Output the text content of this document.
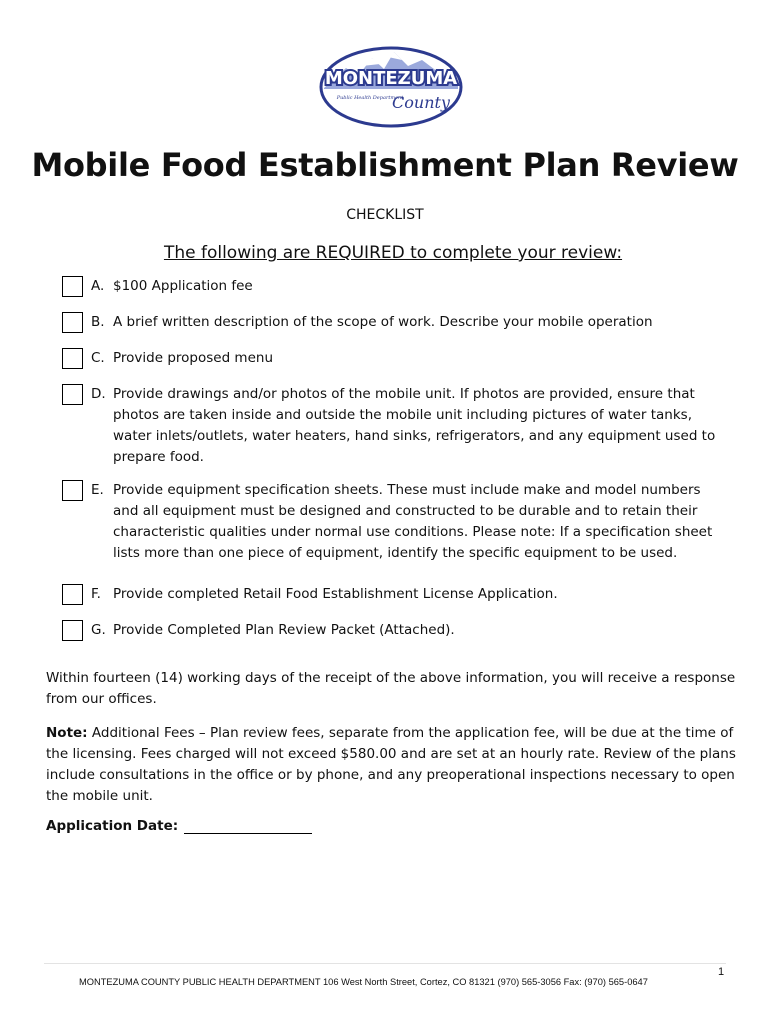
MONTEZUMA
Public Health Department
County
Mobile Food Establishment Plan Review
CHECKLIST
The following are REQUIRED to complete your review:
A. $100 Application fee
B. A brief written description of the scope of work. Describe your mobile operation
C. Provide proposed menu
D. Provide drawings and/or photos of the mobile unit. If photos are provided, ensure that photos are taken inside and outside the mobile unit including pictures of water tanks, water inlets/outlets, water heaters, hand sinks, refrigerators, and any equipment used to prepare food.
E. Provide equipment specification sheets. These must include make and model numbers and all equipment must be designed and constructed to be durable and to retain their characteristic qualities under normal use conditions. Please note: If a specification sheet lists more than one piece of equipment, identify the specific equipment to be used.
F. Provide completed Retail Food Establishment License Application.
G. Provide Completed Plan Review Packet (Attached).
Within fourteen (14) working days of the receipt of the above information, you will receive a response from our offices.
Note: Additional Fees – Plan review fees, separate from the application fee, will be due at the time of the licensing. Fees charged will not exceed $580.00 and are set at an hourly rate. Review of the plans include consultations in the office or by phone, and any preoperational inspections necessary to open the mobile unit.
Application Date:
MONTEZUMA COUNTY PUBLIC HEALTH DEPARTMENT 106 West North Street, Cortez, CO 81321 (970) 565-3056 Fax: (970) 565-0647
1
